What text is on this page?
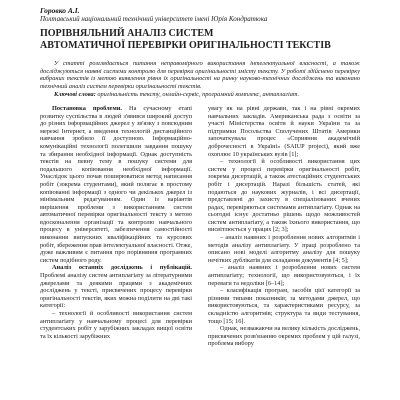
Горовко А.І.
Полтавський національний технічний університет імені Юрія Кондратюка
ПОРІВНЯЛЬНИЙ АНАЛІЗ СИСТЕМ
АВТОМАТИЧНОЇ ПЕРЕВІРКИ ОРИГІНАЛЬНОСТІ ТЕКСТІВ

У статті розглядається питання неправомірного використання інтелектуальної власності, а також досліджуються наявні системи контролю для перевірки оригінальності змісту тексту. У роботі здійснено перевірку вибраних текстів із метою виявлення рівня їх оригінальності на ринку науково-технічних досліджень та виконано технічний аналіз систем перевірки оригінальності текстів.

Ключові слова: оригінальність тексту, онлайн-сервіс, програмний комплекс, антиплагіат.

Постановка проблеми. На сучасному етапі розвитку суспільства в людей з'явився широкий доступ до різних інформаційних джерел у зв'язку з повсюдним мережі Інтернет, а введення технологій дистанційного навчання зробило її доступною. Інформаційно-комунікаційні технології полегшили завдання пошуку та збирання необхідної інформації. Однак доступність текстів на певну тему в пошуку системи для подальшого копіювання необхідної інформації. Унаслідок цього почав поширюватися метод написання робіт (зокрема студентами), який полягає в простому копіюванні інформації з одного чи декількох джерел із мінімальним редагуванням. Один із варіантів вирішення проблеми з використанням систем автоматичної перевірки оригінальності тексту з метою вдосконалення організації та контролю навчального процесу в університеті, забезпечення самостійності виконання випускних кваліфікаційних та курсових робіт, збереження прав інтелектуальної власності. Отже, дуже важливим є питання про порівняння програмних систем подібного роду.

Аналіз останніх досліджень і публікацій. Проблемі аналізу систем антиплагіату за літературними джерелами та деякими працями з академічних досліджень у тексті, присвячених процесу перевірки оригінальності текстів, яких можна поділити на дві такі категорії:

– технології й особливості використання систем антиплагіату у навчальному процесі для перевірки студентських робіт у зарубіжних закладах вищої освіти та їх кількості зарубіжних

увагу як на рівні держави, так і на рівні окремих навчальних закладів. Американська рада з освіти за участі Міністерства освіти й науки України та за підтримки Посольства Сполучених Штатів Америки започаткувала процес «Сприяння академічній доброчесності в Україні» (SAIUP project), який вже охоплює 10 українських вузів [1];

– технології й особливості використання цих систем у процесі перевірки оригінальності робіт, зокрема дисертацій, а також атестаційних студентських робіт і дисертацій. Наразі більшість статей, які подаються до наукових журналів, і всі дисертації, представлені до захисту в спеціалізованих вчених радах, перевіряються системами антиплагіату. Однак на сьогодні існує достатньо рішень щодо можливостей систем антиплагіату, а також їхнього використання, що висвітлюється у працях [2; 3];

– аналіз наявних і розроблення нових алгоритмів і методів аналізу антиплагіату. У праці розроблено та описано нові моделі алгоритму аналізу для пошуку нечітких дублікатів для складання документів [4; 5];

– аналіз наявних і розроблення нових систем антиплагіату; технології, що використовуються, і їх переваги та недоліки [6–14];

– класифікація програм, засобів цієї категорії за різними типами показників; за методами джерел, що використовуються, та характеристиками ресурсу, за складністю алгоритмів; структура та види тестування, тощо [15; 16].

Однак, незважаючи на велику кількість досліджень, присвячених розв'язанню окремих проблем у цій галузі, проблема вибору
